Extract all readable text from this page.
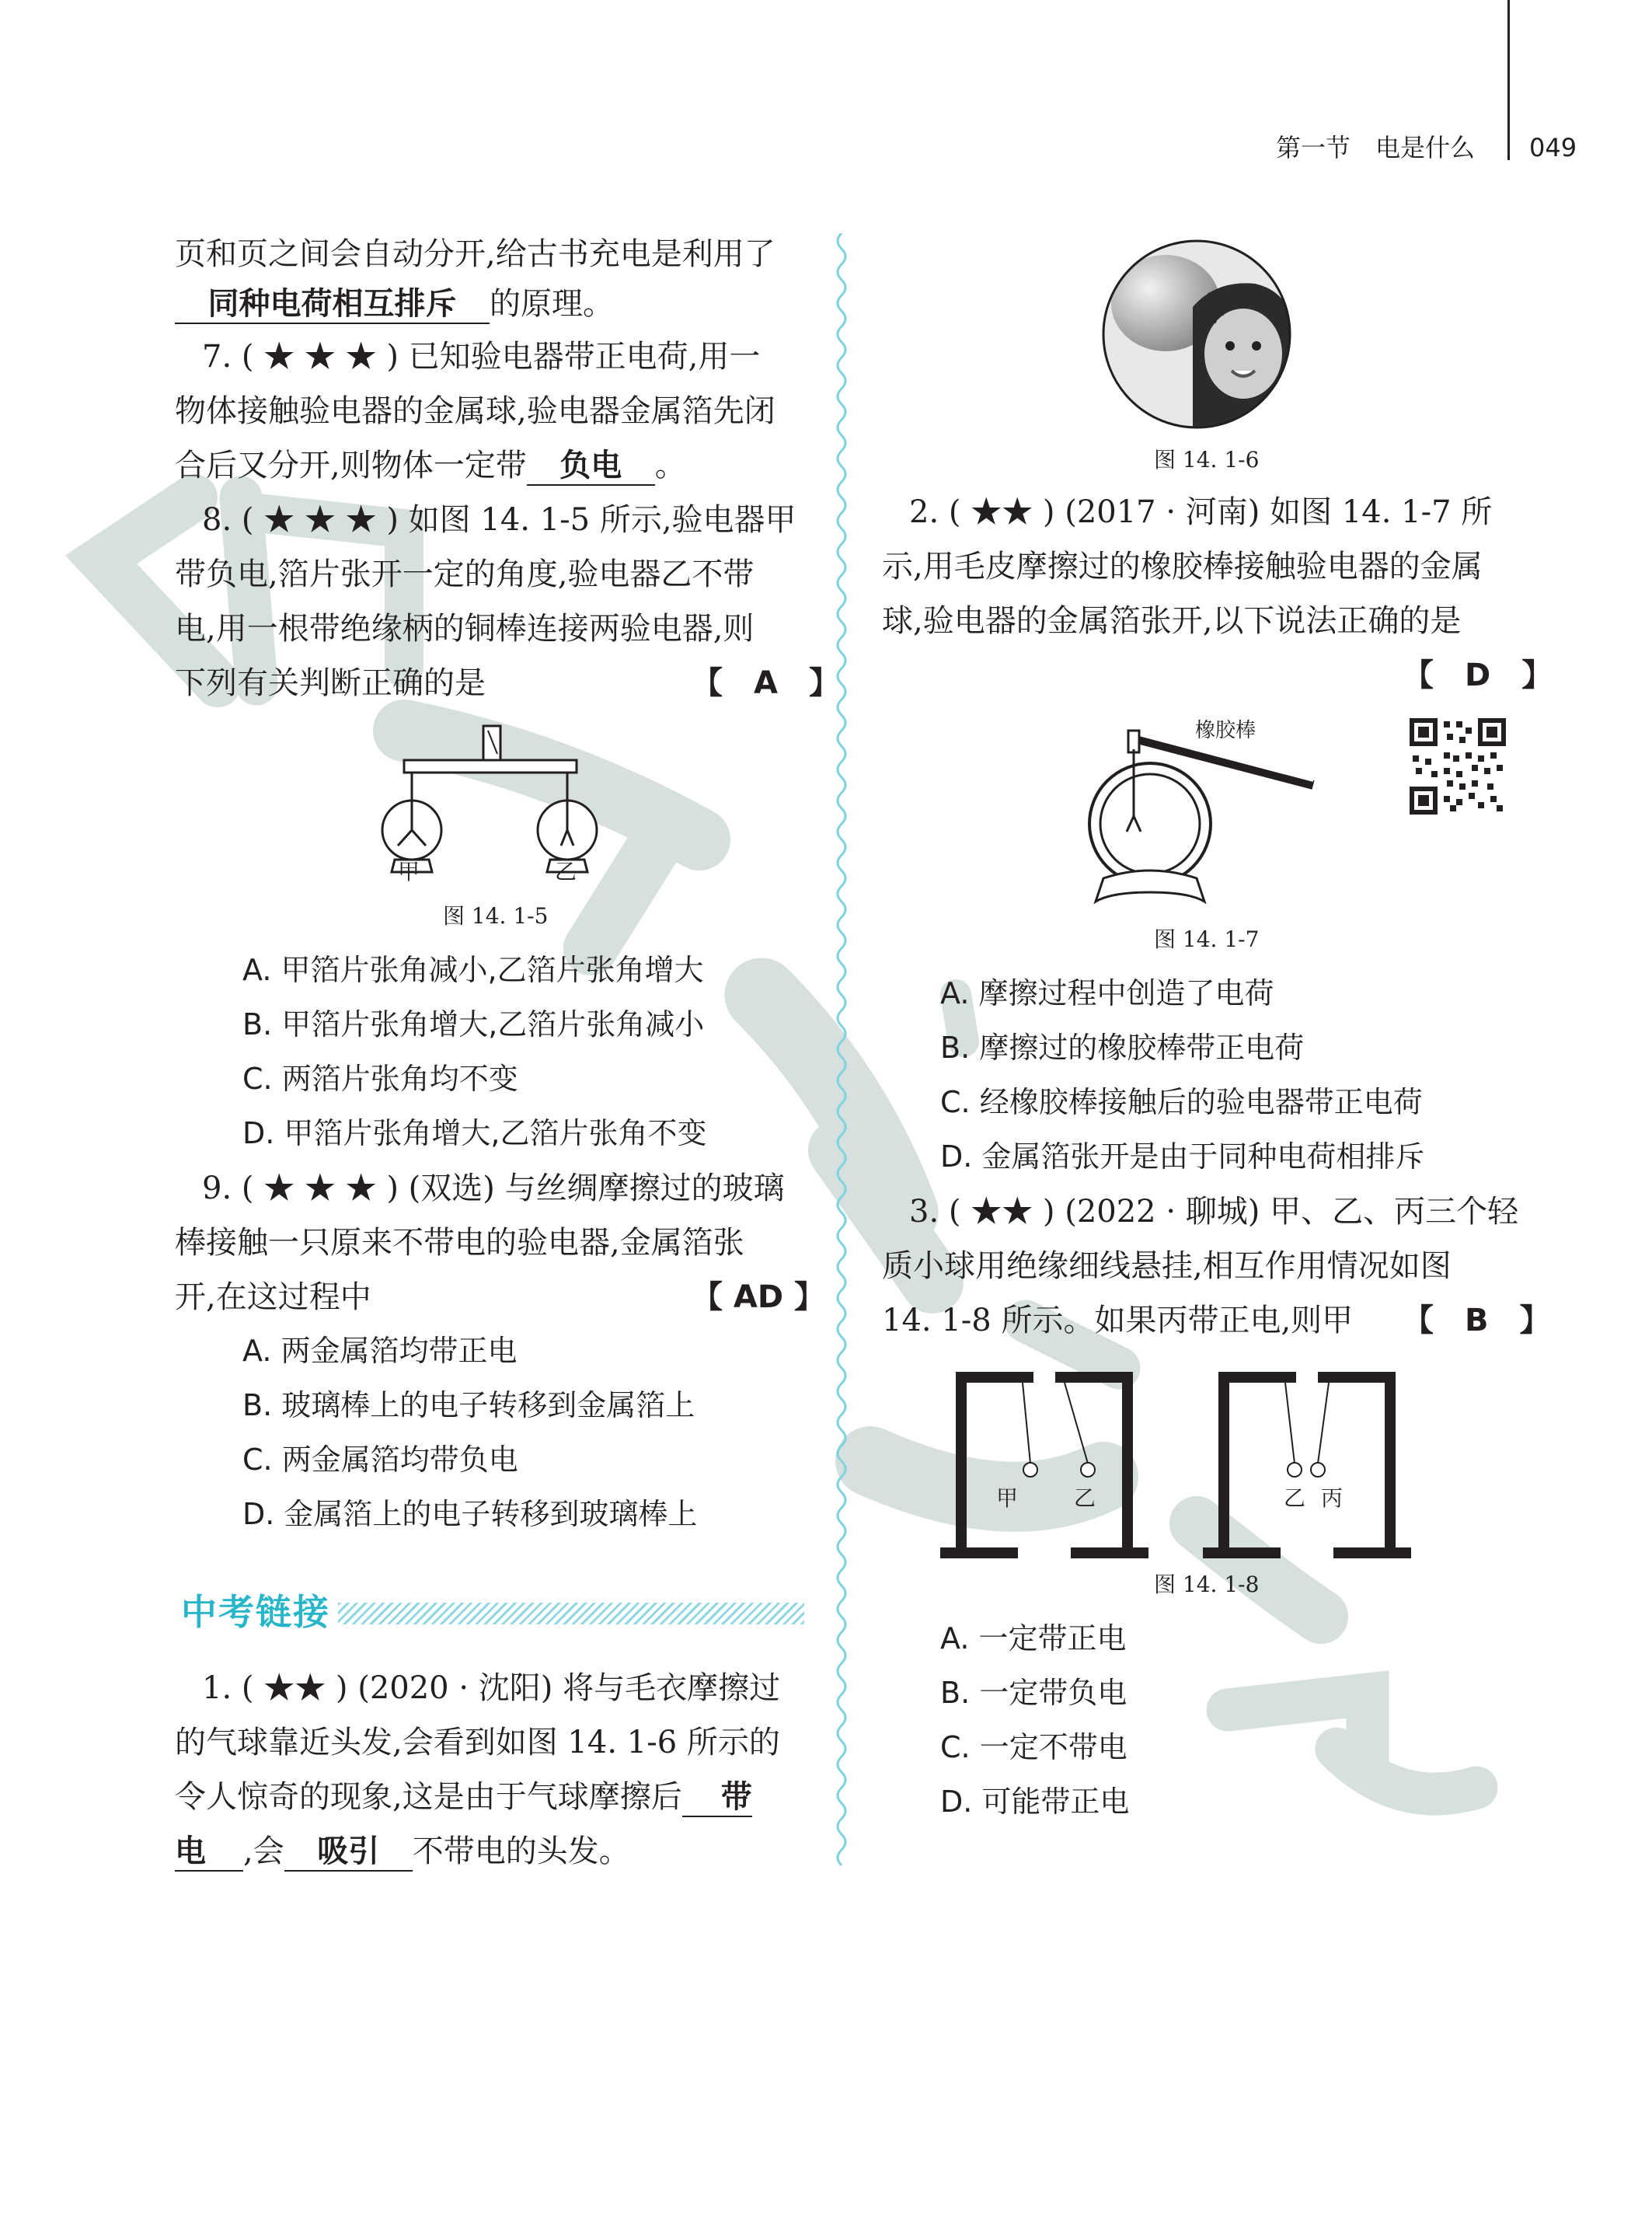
第一节　电是什么 049
页和页之间会自动分开,给古书充电是利用了
同种电荷相互排斥 的原理。
7. ( ★ ★ ★ ) 已知验电器带正电荷,用一
物体接触验电器的金属球,验电器金属箔先闭
合后又分开,则物体一定带 负电 。
8. ( ★ ★ ★ ) 如图 14. 1-5 所示,验电器甲
带负电,箔片张开一定的角度,验电器乙不带
电,用一根带绝缘柄的铜棒连接两验电器,则
下列有关判断正确的是	【　A　】
甲	乙
图 14. 1-5
A. 甲箔片张角减小,乙箔片张角增大
B. 甲箔片张角增大,乙箔片张角减小
C. 两箔片张角均不变
D. 甲箔片张角增大,乙箔片张角不变
9. ( ★ ★ ★ ) (双选) 与丝绸摩擦过的玻璃
棒接触一只原来不带电的验电器,金属箔张
开,在这过程中	【 AD 】
A. 两金属箔均带正电
B. 玻璃棒上的电子转移到金属箔上
C. 两金属箔均带负电
D. 金属箔上的电子转移到玻璃棒上
中考链接
1. ( ★★ ) (2020 · 沈阳) 将与毛衣摩擦过
的气球靠近头发,会看到如图 14. 1-6 所示的
令人惊奇的现象,这是由于气球摩擦后 带
电 ,会 吸引 不带电的头发。
图 14. 1-6
2. ( ★★ ) (2017 · 河南) 如图 14. 1-7 所
示,用毛皮摩擦过的橡胶棒接触验电器的金属
球,验电器的金属箔张开,以下说法正确的是
【　D　】
橡胶棒
图 14. 1-7
A. 摩擦过程中创造了电荷
B. 摩擦过的橡胶棒带正电荷
C. 经橡胶棒接触后的验电器带正电荷
D. 金属箔张开是由于同种电荷相排斥
3. ( ★★ ) (2022 · 聊城) 甲、乙、丙三个轻
质小球用绝缘细线悬挂,相互作用情况如图
14. 1-8 所示。如果丙带正电,则甲 【　B　】
甲	乙	乙 丙
图 14. 1-8
A. 一定带正电
B. 一定带负电
C. 一定不带电
D. 可能带正电
